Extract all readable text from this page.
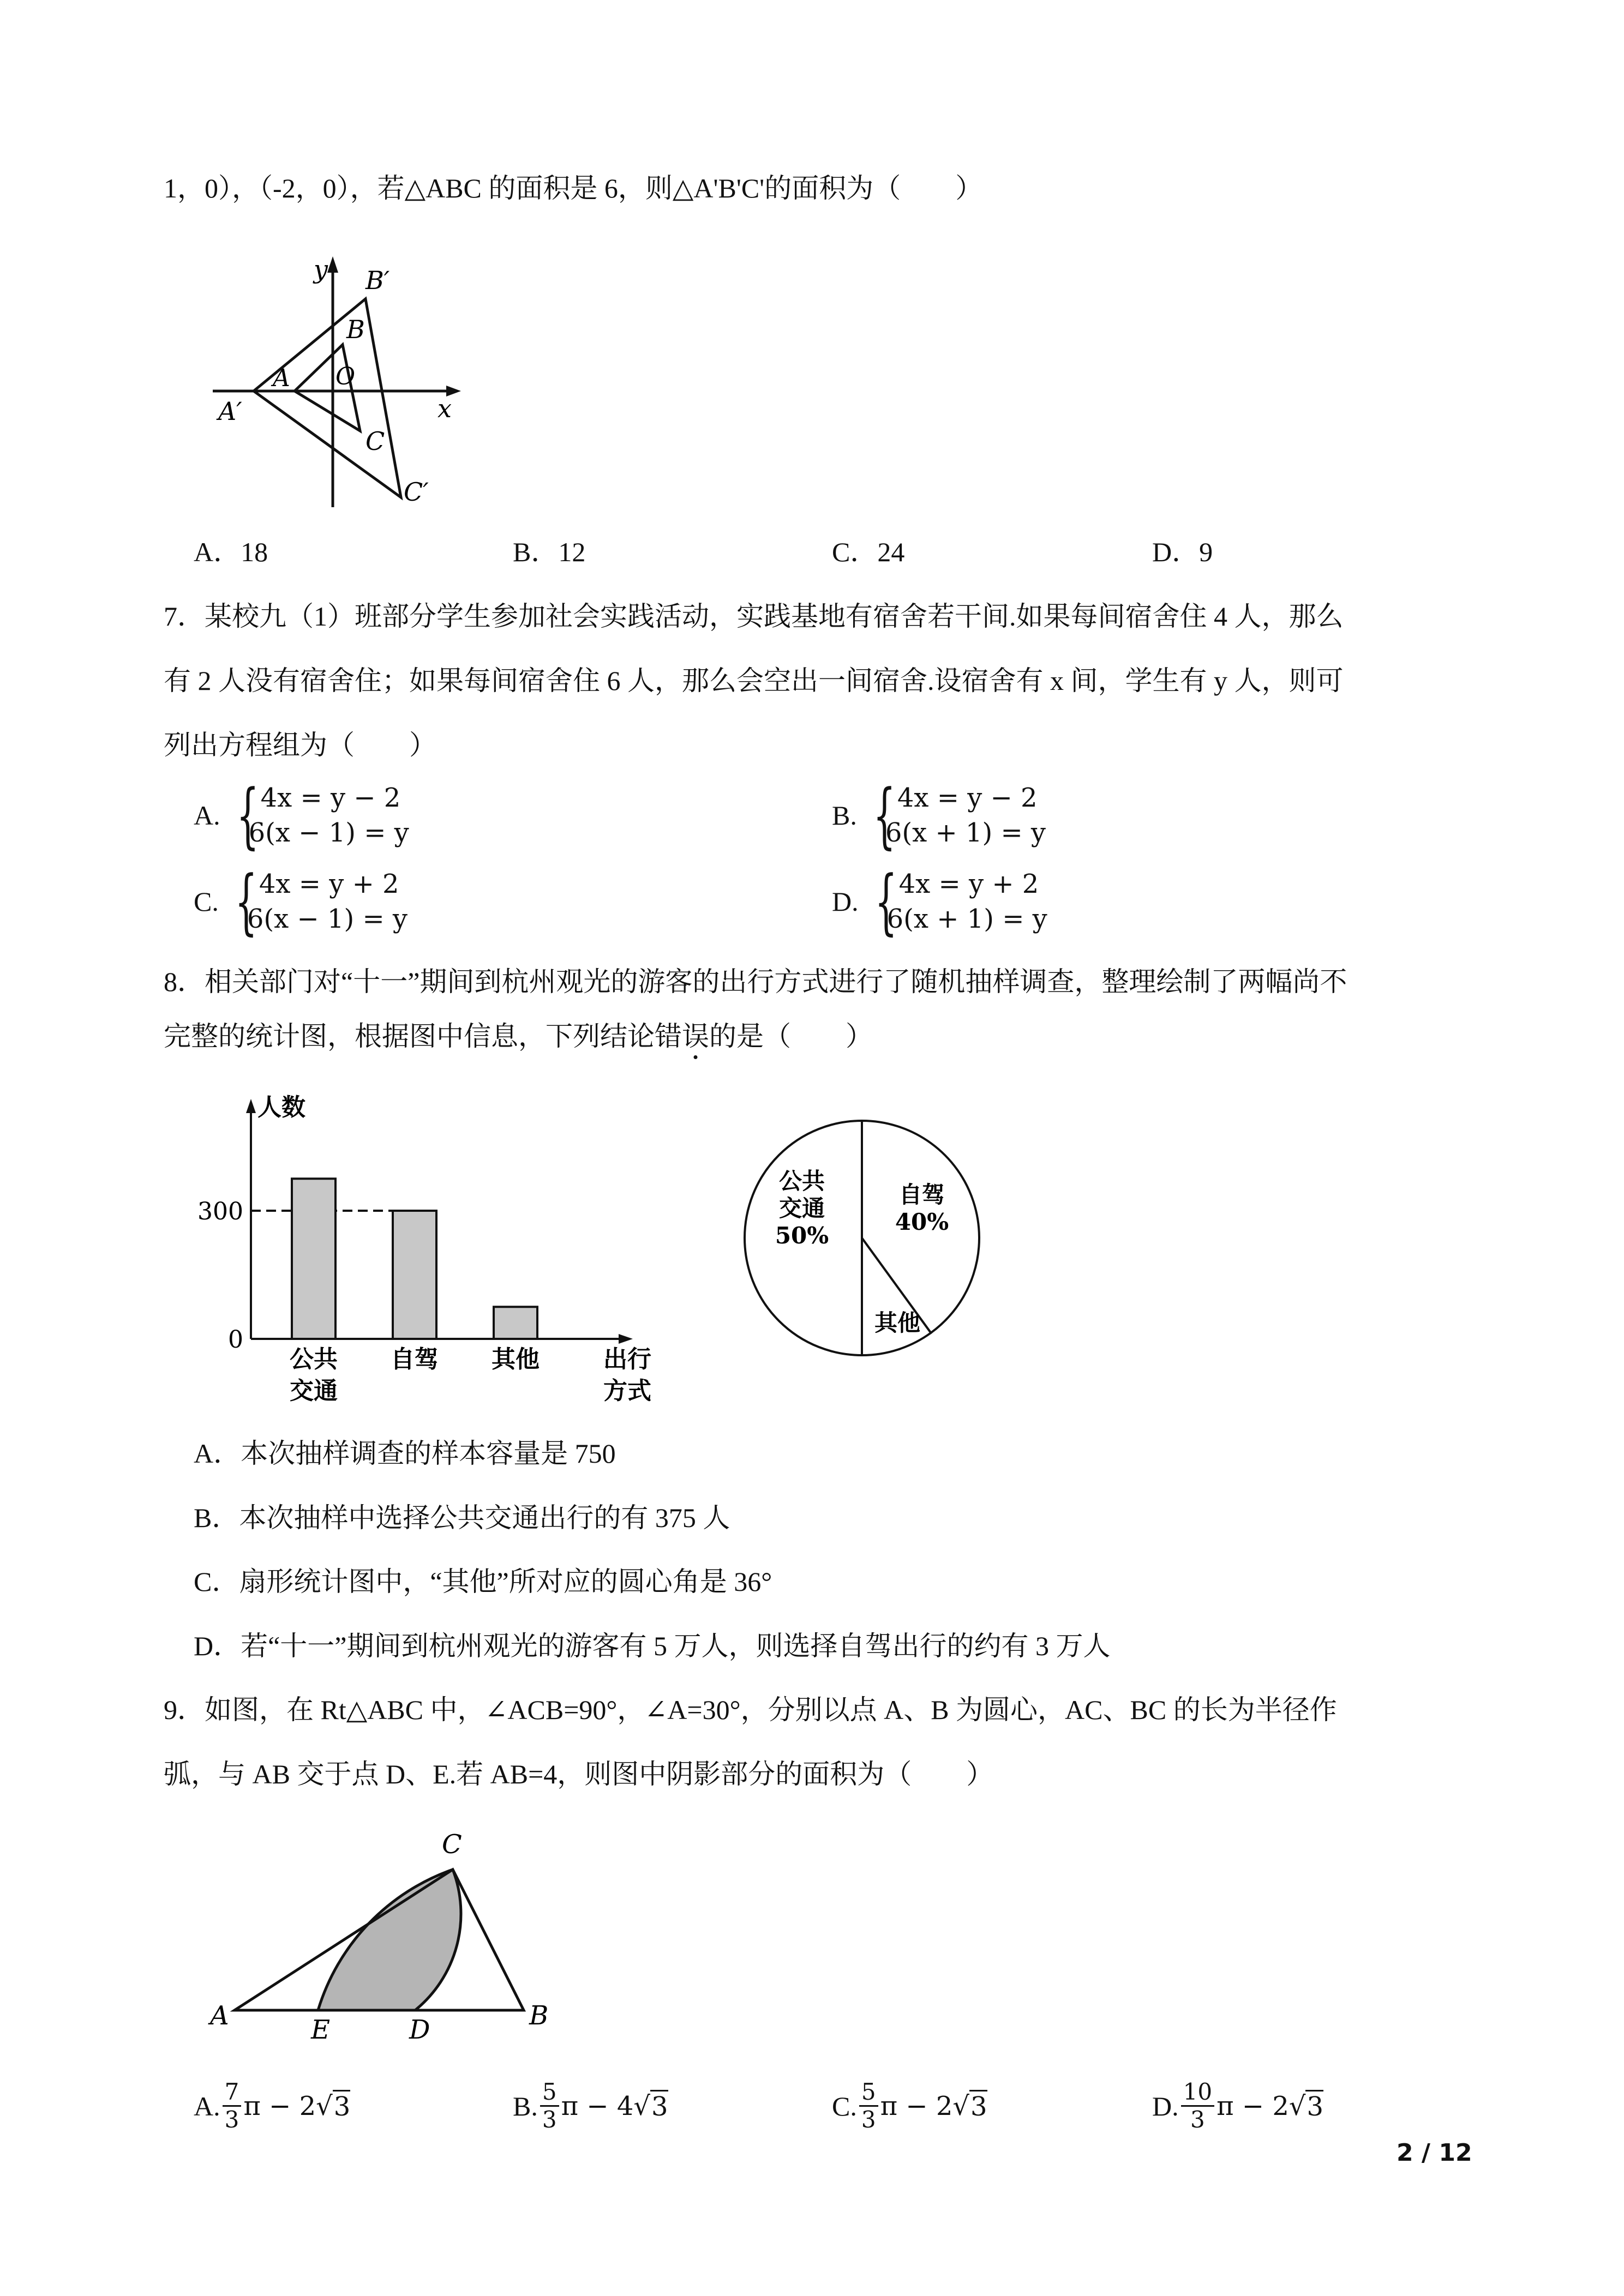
1，0），（-2，0），若△ABC 的面积是 6，则△A'B'C'的面积为（　　）
y B′
B
A O
x
A′
C
C′
A．18	B．12	C．24	D．9
7．某校九（1）班部分学生参加社会实践活动，实践基地有宿舍若干间.如果每间宿舍住 4 人，那么
有 2 人没有宿舍住；如果每间宿舍住 6 人，那么会空出一间宿舍.设宿舍有 x 间，学生有 y 人，则可
列出方程组为（　　）
A. { 4x = y − 2
6(x − 1) = y
B. { 4x = y − 2
6(x + 1) = y
C. { 4x = y + 2
6(x − 1) = y
D. { 4x = y + 2
6(x + 1) = y
8．相关部门对“十一”期间到杭州观光的游客的出行方式进行了随机抽样调查，整理绘制了两幅尚不
完整的统计图，根据图中信息，下列结论错误的是（　　）
人数
0
300
公共
交通
自驾 其他	出行
方式
公共
交通
50%
自驾
40%
其他
A．本次抽样调查的样本容量是 750
B．本次抽样中选择公共交通出行的有 375 人
C．扇形统计图中，“其他”所对应的圆心角是 36°
D．若“十一”期间到杭州观光的游客有 5 万人，则选择自驾出行的约有 3 万人
9．如图，在 Rt△ABC 中，∠ACB=90°，∠A=30°，分别以点 A、B 为圆心，AC、BC 的长为半径作
弧，与 AB 交于点 D、E.若 AB=4，则图中阴影部分的面积为（　　）
C
A	B
E	D
A. $\frac{7}{3}$ π − 2 √ 3	B. $\frac{5}{3}$ π − 4 √ 3	C. $\frac{5}{3}$ π − 2 √ 3	D. $\frac{10}{3}$ π − 2 √ 3
2 / 12
